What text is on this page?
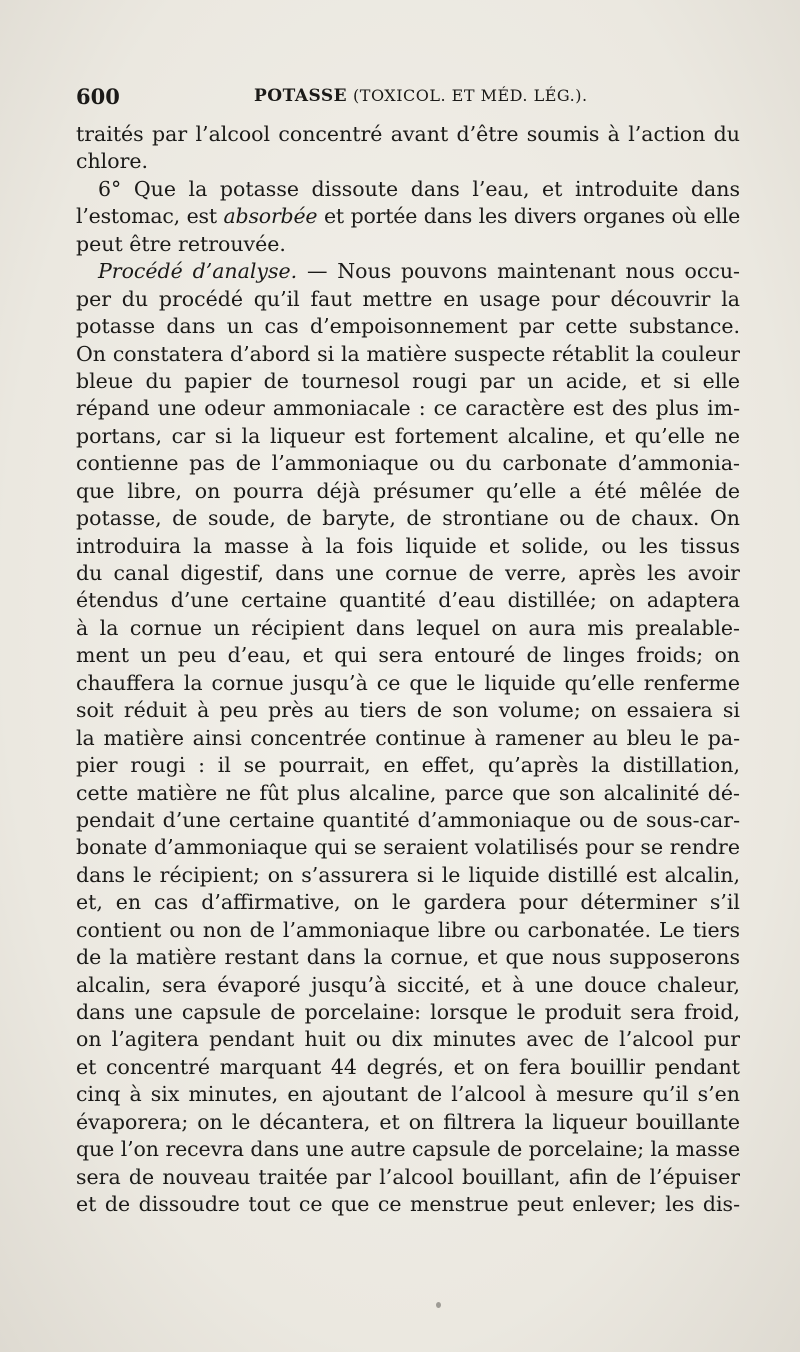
600	POTASSE (TOXICOL. ET MÉD. LÉG.).
traités par l’alcool concentré avant d’être soumis à l’action du
chlore.
6° Que la potasse dissoute dans l’eau, et introduite dans
l’estomac, est absorbée et portée dans les divers organes où elle
peut être retrouvée.
Procédé d’analyse. — Nous pouvons maintenant nous occu-
per du procédé qu’il faut mettre en usage pour découvrir la
potasse dans un cas d’empoisonnement par cette substance.
On constatera d’abord si la matière suspecte rétablit la couleur
bleue du papier de tournesol rougi par un acide, et si elle
répand une odeur ammoniacale : ce caractère est des plus im-
portans, car si la liqueur est fortement alcaline, et qu’elle ne
contienne pas de l’ammoniaque ou du carbonate d’ammonia-
que libre, on pourra déjà présumer qu’elle a été mêlée de
potasse, de soude, de baryte, de strontiane ou de chaux. On
introduira la masse à la fois liquide et solide, ou les tissus
du canal digestif, dans une cornue de verre, après les avoir
étendus d’une certaine quantité d’eau distillée; on adaptera
à la cornue un récipient dans lequel on aura mis prealable-
ment un peu d’eau, et qui sera entouré de linges froids; on
chauffera la cornue jusqu’à ce que le liquide qu’elle renferme
soit réduit à peu près au tiers de son volume; on essaiera si
la matière ainsi concentrée continue à ramener au bleu le pa-
pier rougi : il se pourrait, en effet, qu’après la distillation,
cette matière ne fût plus alcaline, parce que son alcalinité dé-
pendait d’une certaine quantité d’ammoniaque ou de sous-car-
bonate d’ammoniaque qui se seraient volatilisés pour se rendre
dans le récipient; on s’assurera si le liquide distillé est alcalin,
et, en cas d’affirmative, on le gardera pour déterminer s’il
contient ou non de l’ammoniaque libre ou carbonatée. Le tiers
de la matière restant dans la cornue, et que nous supposerons
alcalin, sera évaporé jusqu’à siccité, et à une douce chaleur,
dans une capsule de porcelaine: lorsque le produit sera froid,
on l’agitera pendant huit ou dix minutes avec de l’alcool pur
et concentré marquant 44 degrés, et on fera bouillir pendant
cinq à six minutes, en ajoutant de l’alcool à mesure qu’il s’en
évaporera; on le décantera, et on filtrera la liqueur bouillante
que l’on recevra dans une autre capsule de porcelaine; la masse
sera de nouveau traitée par l’alcool bouillant, afin de l’épuiser
et de dissoudre tout ce que ce menstrue peut enlever; les dis-
